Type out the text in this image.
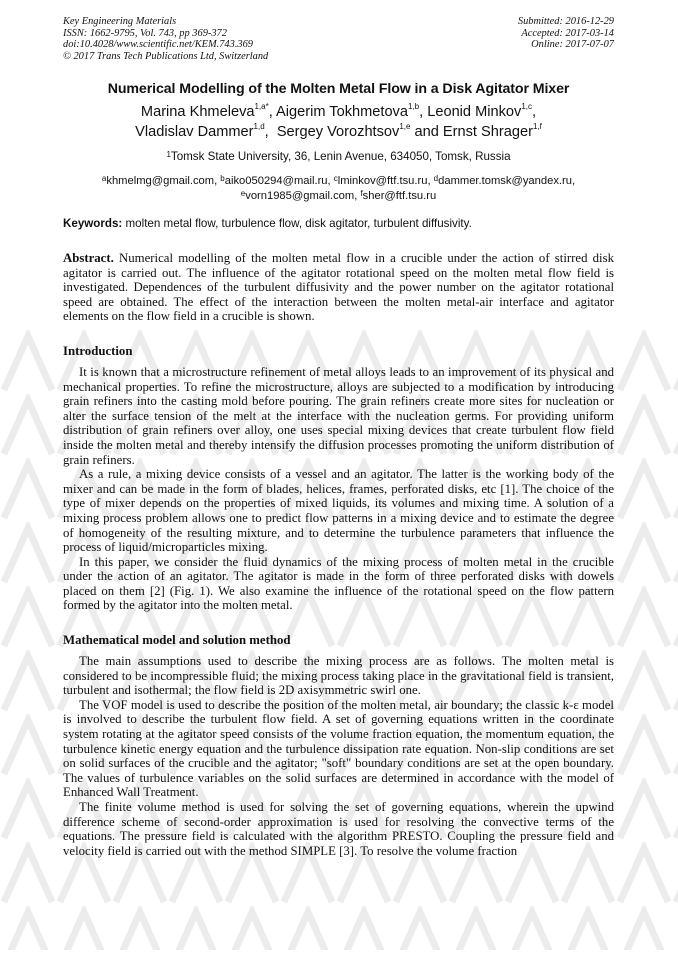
Key Engineering Materials
ISSN: 1662-9795, Vol. 743, pp 369-372
doi:10.4028/www.scientific.net/KEM.743.369
© 2017 Trans Tech Publications Ltd, Switzerland
Submitted: 2016-12-29
Accepted: 2017-03-14
Online: 2017-07-07
Numerical Modelling of the Molten Metal Flow in a Disk Agitator Mixer
Marina Khmeleva$^{1,a*}$, Aigerim Tokhmetova$^{1,b}$, Leonid Minkov$^{1,c}$,
Vladislav Dammer$^{1,d}$,  Sergey Vorozhtsov$^{1,e}$ and Ernst Shrager$^{1,f}$
$^1$Tomsk State University, 36, Lenin Avenue, 634050, Tomsk, Russia
$^a$khmelmg@gmail.com, $^b$aiko050294@mail.ru, $^c$lminkov@ftf.tsu.ru, $^d$dammer.tomsk@yandex.ru,
$^e$vorn1985@gmail.com, $^f$sher@ftf.tsu.ru
Keywords: molten metal flow, turbulence flow, disk agitator, turbulent diffusivity.
Abstract. Numerical modelling of the molten metal flow in a crucible under the action of stirred disk agitator is carried out. The influence of the agitator rotational speed on the molten metal flow field is investigated. Dependences of the turbulent diffusivity and the power number on the agitator rotational speed are obtained. The effect of the interaction between the molten metal-air interface and agitator elements on the flow field in a crucible is shown.
Introduction

It is known that a microstructure refinement of metal alloys leads to an improvement of its physical and mechanical properties. To refine the microstructure, alloys are subjected to a modification by introducing grain refiners into the casting mold before pouring. The grain refiners create more sites for nucleation or alter the surface tension of the melt at the interface with the nucleation germs. For providing uniform distribution of grain refiners over alloy, one uses special mixing devices that create turbulent flow field inside the molten metal and thereby intensify the diffusion processes promoting the uniform distribution of grain refiners.

As a rule, a mixing device consists of a vessel and an agitator. The latter is the working body of the mixer and can be made in the form of blades, helices, frames, perforated disks, etc [1]. The choice of the type of mixer depends on the properties of mixed liquids, its volumes and mixing time. A solution of a mixing process problem allows one to predict flow patterns in a mixing device and to estimate the degree of homogeneity of the resulting mixture, and to determine the turbulence parameters that influence the process of liquid/microparticles mixing.

In this paper, we consider the fluid dynamics of the mixing process of molten metal in the crucible under the action of an agitator. The agitator is made in the form of three perforated disks with dowels placed on them [2] (Fig. 1). We also examine the influence of the rotational speed on the flow pattern formed by the agitator into the molten metal.

Mathematical model and solution method

The main assumptions used to describe the mixing process are as follows. The molten metal is considered to be incompressible fluid; the mixing process taking place in the gravitational field is transient, turbulent and isothermal; the flow field is 2D axisymmetric swirl one.

The VOF model is used to describe the position of the molten metal, air boundary; the classic k-ε model is involved to describe the turbulent flow field. A set of governing equations written in the coordinate system rotating at the agitator speed consists of the volume fraction equation, the momentum equation, the turbulence kinetic energy equation and the turbulence dissipation rate equation. Non-slip conditions are set on solid surfaces of the crucible and the agitator; "soft" boundary conditions are set at the open boundary. The values of turbulence variables on the solid surfaces are determined in accordance with the model of Enhanced Wall Treatment.

The finite volume method is used for solving the set of governing equations, wherein the upwind difference scheme of second-order approximation is used for resolving the convective terms of the equations. The pressure field is calculated with the algorithm PRESTO. Coupling the pressure field and velocity field is carried out with the method SIMPLE [3]. To resolve the volume fraction
